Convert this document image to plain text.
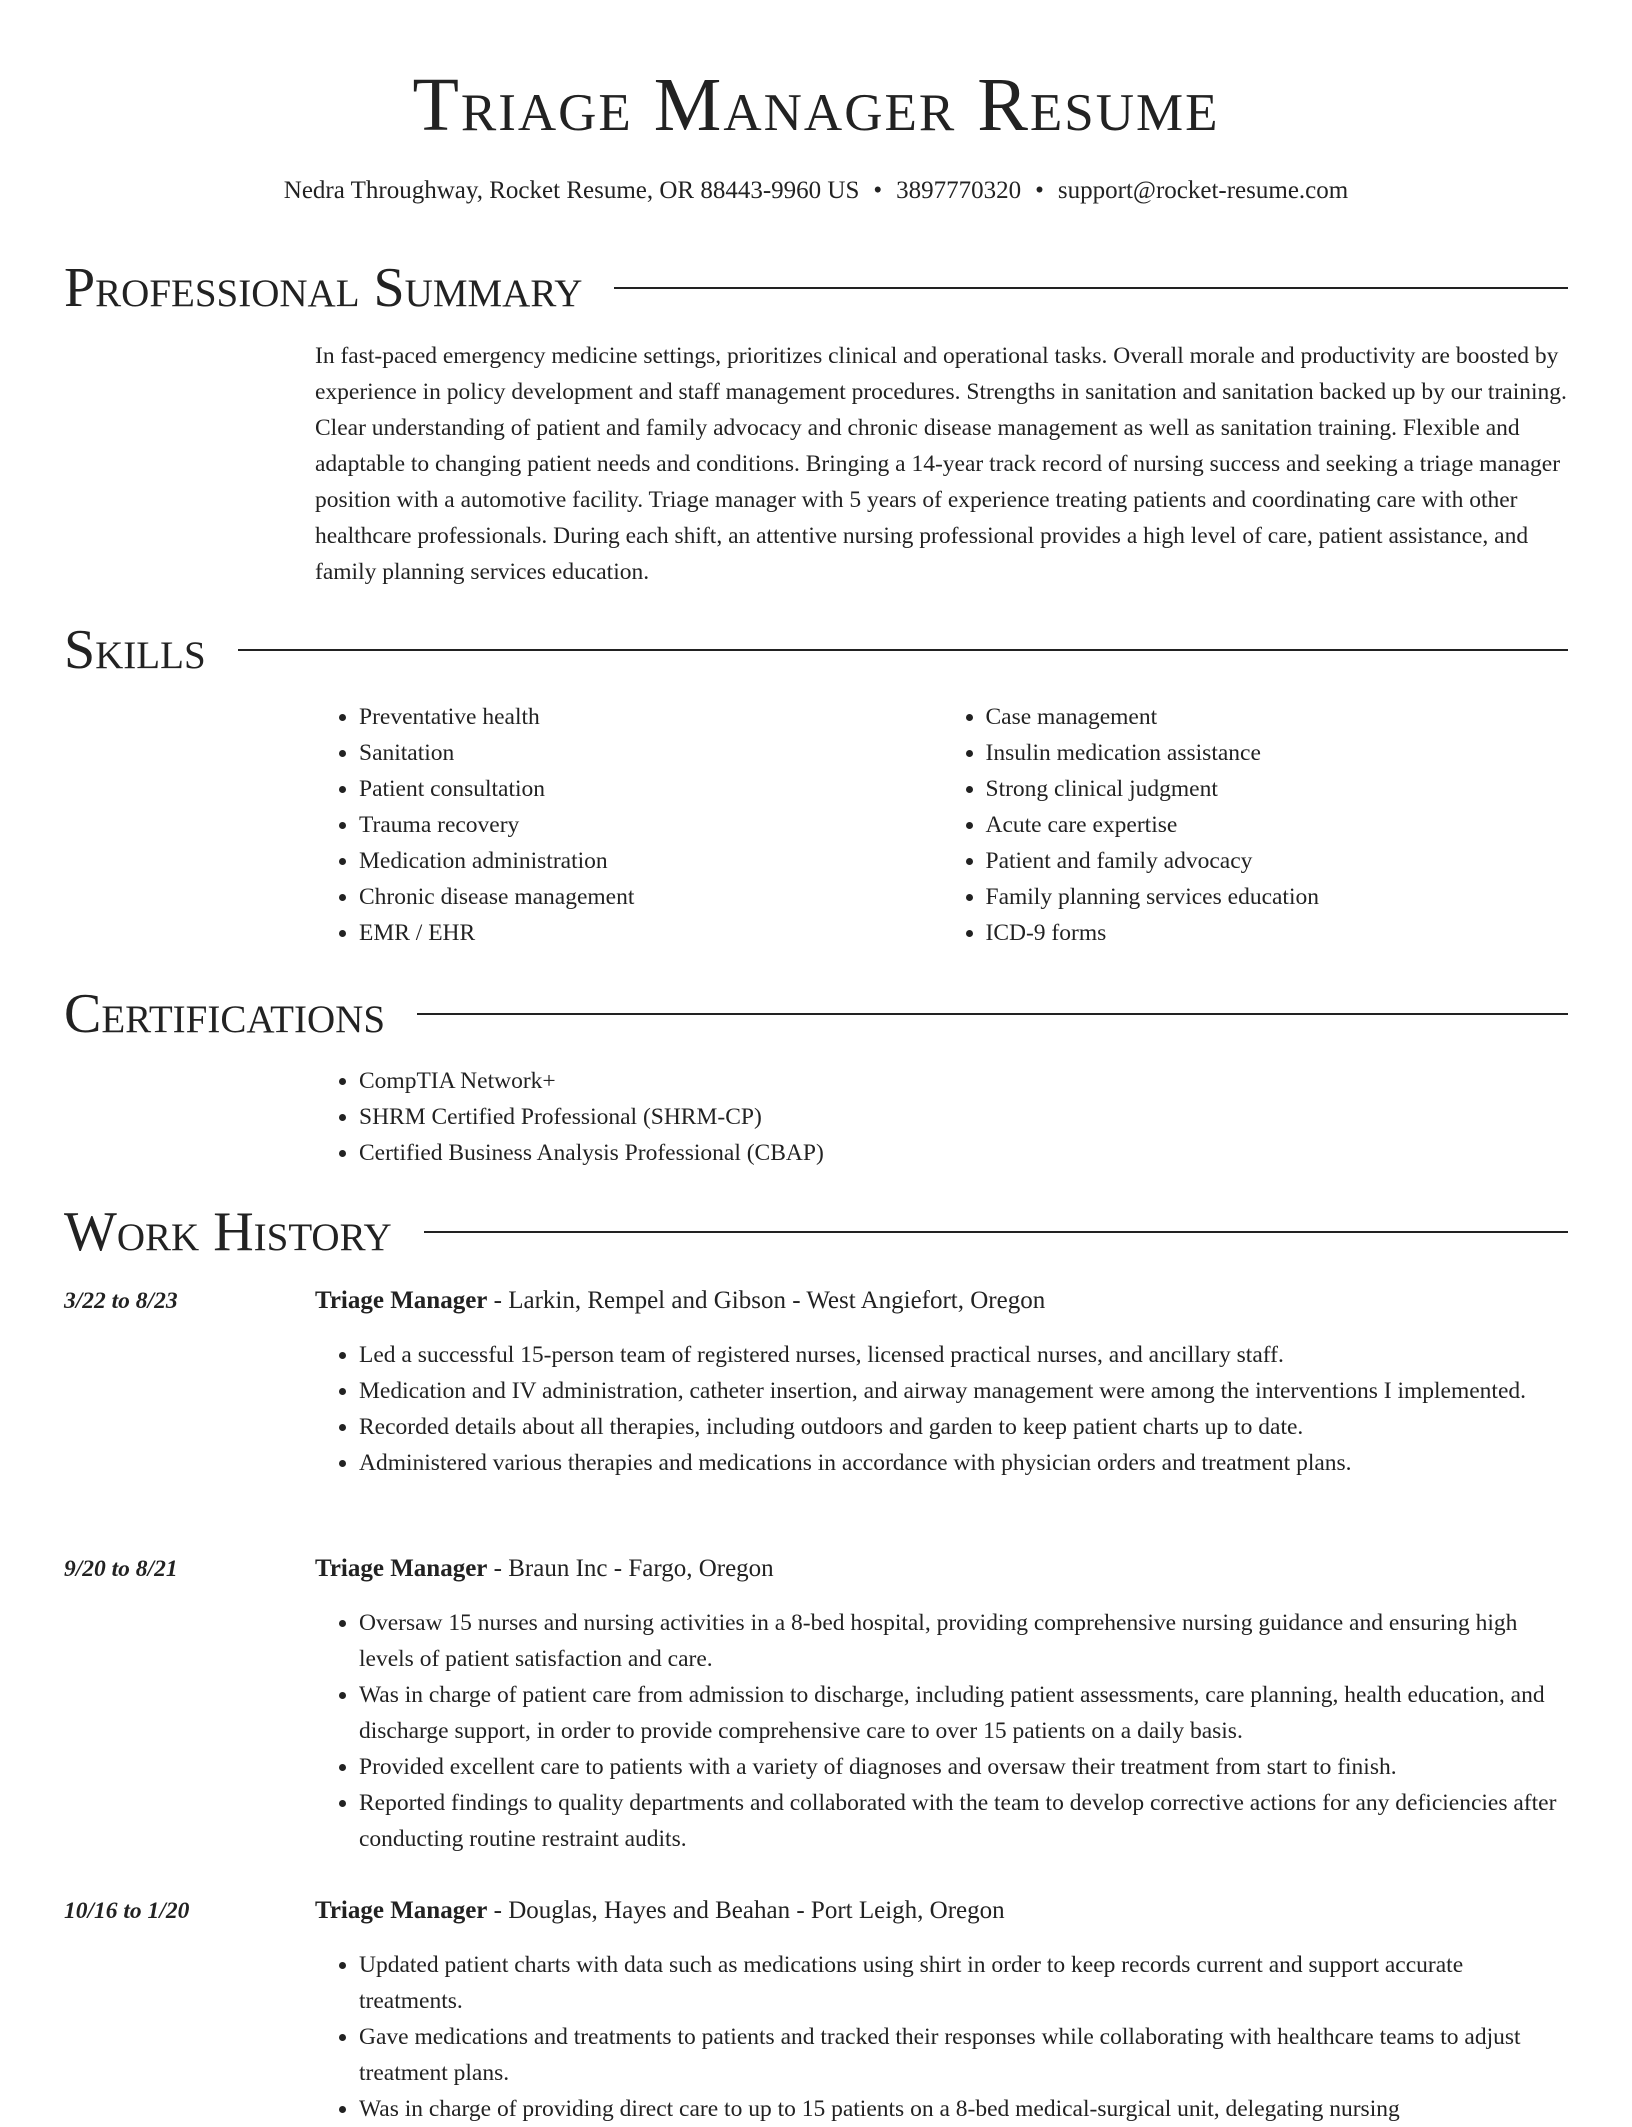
Triage Manager Resume
Nedra Throughway, Rocket Resume, OR 88443-9960 US • 3897770320 • support@rocket-resume.com
Professional Summary

In fast-paced emergency medicine settings, prioritizes clinical and operational tasks. Overall morale and productivity are boosted by experience in policy development and staff management procedures. Strengths in sanitation and sanitation backed up by our training. Clear understanding of patient and family advocacy and chronic disease management as well as sanitation training. Flexible and adaptable to changing patient needs and conditions. Bringing a 14-year track record of nursing success and seeking a triage manager position with a automotive facility. Triage manager with 5 years of experience treating patients and coordinating care with other healthcare professionals. During each shift, an attentive nursing professional provides a high level of care, patient assistance, and family planning services education.

Skills
• Preventative health
• Sanitation
• Patient consultation
• Trauma recovery
• Medication administration
• Chronic disease management
• EMR / EHR
• Case management
• Insulin medication assistance
• Strong clinical judgment
• Acute care expertise
• Patient and family advocacy
• Family planning services education
• ICD-9 forms
Certifications
• CompTIA Network+
• SHRM Certified Professional (SHRM-CP)
• Certified Business Analysis Professional (CBAP)
Work History
3/22 to 8/23	Triage Manager - Larkin, Rempel and Gibson - West Angiefort, Oregon
• Led a successful 15-person team of registered nurses, licensed practical nurses, and ancillary staff.
• Medication and IV administration, catheter insertion, and airway management were among the interventions I implemented.
• Recorded details about all therapies, including outdoors and garden to keep patient charts up to date.
• Administered various therapies and medications in accordance with physician orders and treatment plans.
9/20 to 8/21	Triage Manager - Braun Inc - Fargo, Oregon
• Oversaw 15 nurses and nursing activities in a 8-bed hospital, providing comprehensive nursing guidance and ensuring high levels of patient satisfaction and care.
• Was in charge of patient care from admission to discharge, including patient assessments, care planning, health education, and discharge support, in order to provide comprehensive care to over 15 patients on a daily basis.
• Provided excellent care to patients with a variety of diagnoses and oversaw their treatment from start to finish.
• Reported findings to quality departments and collaborated with the team to develop corrective actions for any deficiencies after conducting routine restraint audits.
10/16 to 1/20	Triage Manager - Douglas, Hayes and Beahan - Port Leigh, Oregon
• Updated patient charts with data such as medications using shirt in order to keep records current and support accurate treatments.
• Gave medications and treatments to patients and tracked their responses while collaborating with healthcare teams to adjust treatment plans.
• Was in charge of providing direct care to up to 15 patients on a 8-bed medical-surgical unit, delegating nursing
